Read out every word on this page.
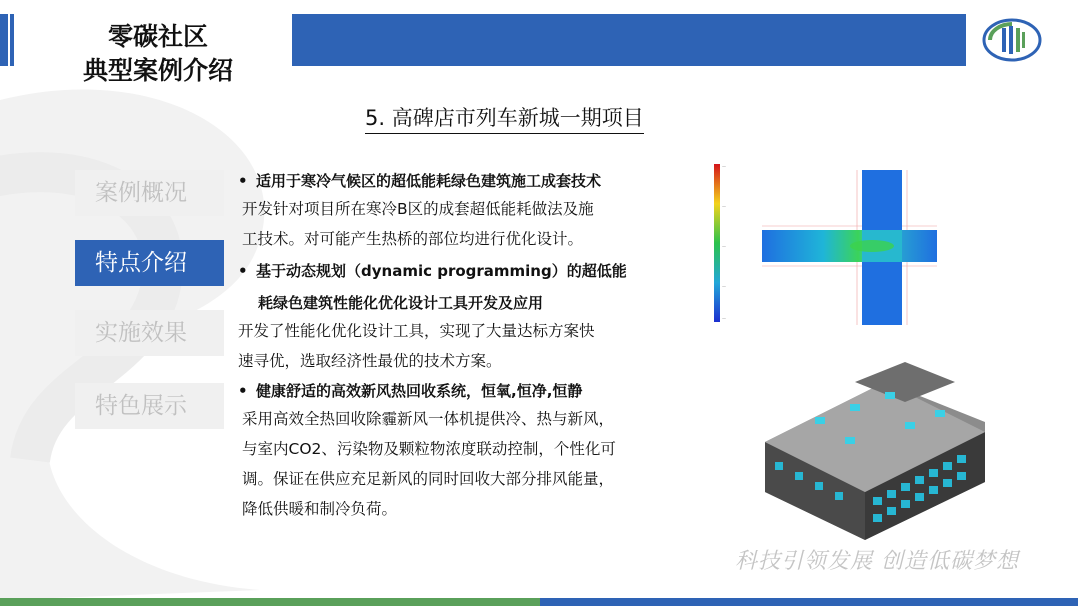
零碳社区
典型案例介绍
5. 高碑店市列车新城一期项目
案例概况
特点介绍
实施效果
特色展示
• 适用于寒冷气候区的超低能耗绿色建筑施工成套技术
开发针对项目所在寒冷B区的成套超低能耗做法及施
工技术。对可能产生热桥的部位均进行优化设计。
• 基于动态规划（dynamic programming）的超低能
耗绿色建筑性能化优化设计工具开发及应用
开发了性能化优化设计工具，实现了大量达标方案快
速寻优，选取经济性最优的技术方案。
• 健康舒适的高效新风热回收系统，恒氧,恒净,恒静
采用高效全热回收除霾新风一体机提供冷、热与新风，
与室内CO2、污染物及颗粒物浓度联动控制，个性化可
调。保证在供应充足新风的同时回收大部分排风能量，
降低供暖和制冷负荷。
—
—
—
—
—
科技引领发展 创造低碳梦想
